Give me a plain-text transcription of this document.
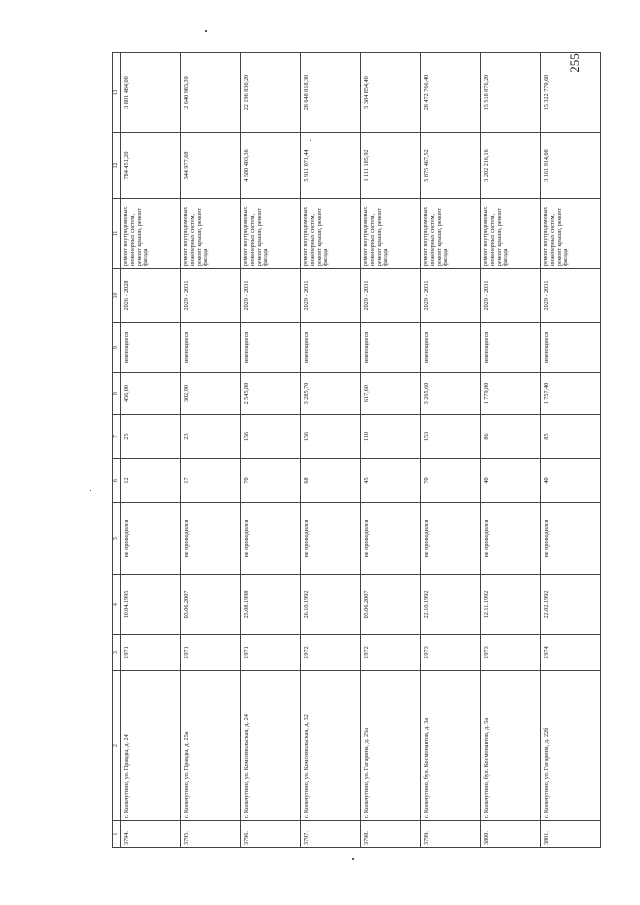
255
1	2	3	4	5	6	7	8	9	10	11	12	13
3794.	г. Кольчугино, ул. Правды, д. 24	1971	10.04.1995	не проводился	12	25	456,00	имеющиеся	2026 - 2028	ремонт внутридомовых инженерных систем, ремонт крыши, ремонт фасада	784 451,20	3 801 484,00
3795.	г. Кольчугино, ул. Правды, д. 25а	1971	03.06.2007	не проводился	17	23	302,90	имеющиеся	2029 - 2031	ремонт внутридомовых инженерных систем, ремонт крыши, ремонт фасада	344 977,68	2 640 983,39
3796.	г. Кольчугино, ул. Комсомольская, д. 24	1971	25.08.1998	не проводился	70	156	2 545,80	имеющиеся	2029 - 2031	ремонт внутридомовых инженерных систем, ремонт крыши, ремонт фасада	4 580 403,36	22 196 830,20
3797.	г. Кольчугино, ул. Комсомольская, д. 32	1972	26.10.1992	не проводился	68	156	3 285,70	имеющиеся	2029 - 2031	ремонт внутридомовых инженерных систем, ремонт крыши, ремонт фасада	5 911 071,44	28 648 018,30
3798.	г. Кольчугино, ул. Гагарина, д. 25а	1972	05.06.2007	не проводился	45	110	617,60	имеющиеся	2029 - 2031	ремонт внутридомовых инженерных систем, ремонт крыши, ремонт фасада	1 111 185,92	5 384 854,40
3799.	г. Кольчугино, бул. Космонавтов, д. 3а	1973	22.10.1992	не проводился	70	153	3 265,60	имеющиеся	2029 - 2031	ремонт внутридомовых инженерных систем, ремонт крыши, ремонт фасада	5 875 467,52	28 472 766,40
3800.	г. Кольчугино, бул. Космонавтов, д. 5а	1973	12.11.1992	не проводился	40	86	1 779,80	имеющиеся	2029 - 2031	ремонт внутридомовых инженерных систем, ремонт крыши, ремонт фасада	3 202 216,16	15 518 076,20
3801.	г. Кольчугино, ул. Гагарина, д. 22б	1974	22.02.1992	не проводился	40	85	1 757,40	имеющиеся	2029 - 2031	ремонт внутридомовых инженерных систем, ремонт крыши, ремонт фасада	3 161 914,08	15 322 770,60
